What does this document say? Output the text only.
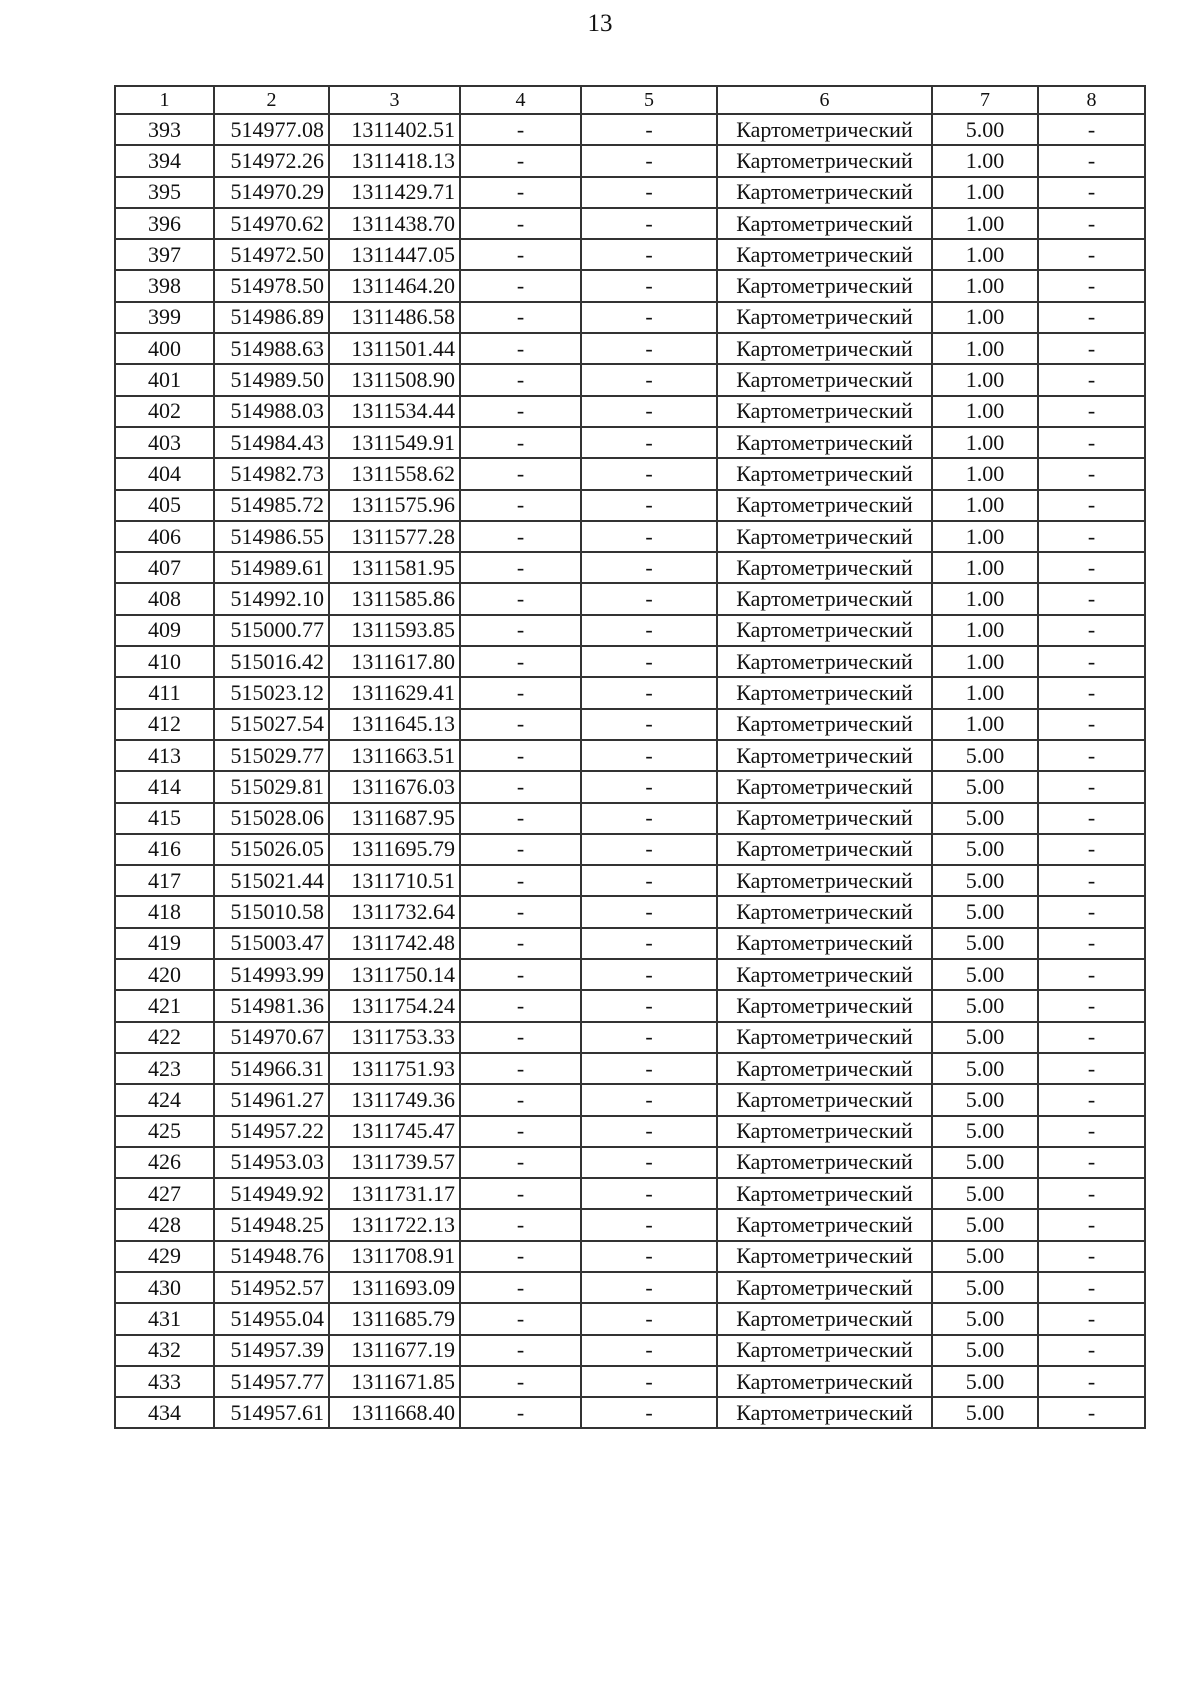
13
1	2	3	4	5	6	7	8
393	514977.08	1311402.51	-	-	Картометрический	5.00	-
394	514972.26	1311418.13	-	-	Картометрический	1.00	-
395	514970.29	1311429.71	-	-	Картометрический	1.00	-
396	514970.62	1311438.70	-	-	Картометрический	1.00	-
397	514972.50	1311447.05	-	-	Картометрический	1.00	-
398	514978.50	1311464.20	-	-	Картометрический	1.00	-
399	514986.89	1311486.58	-	-	Картометрический	1.00	-
400	514988.63	1311501.44	-	-	Картометрический	1.00	-
401	514989.50	1311508.90	-	-	Картометрический	1.00	-
402	514988.03	1311534.44	-	-	Картометрический	1.00	-
403	514984.43	1311549.91	-	-	Картометрический	1.00	-
404	514982.73	1311558.62	-	-	Картометрический	1.00	-
405	514985.72	1311575.96	-	-	Картометрический	1.00	-
406	514986.55	1311577.28	-	-	Картометрический	1.00	-
407	514989.61	1311581.95	-	-	Картометрический	1.00	-
408	514992.10	1311585.86	-	-	Картометрический	1.00	-
409	515000.77	1311593.85	-	-	Картометрический	1.00	-
410	515016.42	1311617.80	-	-	Картометрический	1.00	-
411	515023.12	1311629.41	-	-	Картометрический	1.00	-
412	515027.54	1311645.13	-	-	Картометрический	1.00	-
413	515029.77	1311663.51	-	-	Картометрический	5.00	-
414	515029.81	1311676.03	-	-	Картометрический	5.00	-
415	515028.06	1311687.95	-	-	Картометрический	5.00	-
416	515026.05	1311695.79	-	-	Картометрический	5.00	-
417	515021.44	1311710.51	-	-	Картометрический	5.00	-
418	515010.58	1311732.64	-	-	Картометрический	5.00	-
419	515003.47	1311742.48	-	-	Картометрический	5.00	-
420	514993.99	1311750.14	-	-	Картометрический	5.00	-
421	514981.36	1311754.24	-	-	Картометрический	5.00	-
422	514970.67	1311753.33	-	-	Картометрический	5.00	-
423	514966.31	1311751.93	-	-	Картометрический	5.00	-
424	514961.27	1311749.36	-	-	Картометрический	5.00	-
425	514957.22	1311745.47	-	-	Картометрический	5.00	-
426	514953.03	1311739.57	-	-	Картометрический	5.00	-
427	514949.92	1311731.17	-	-	Картометрический	5.00	-
428	514948.25	1311722.13	-	-	Картометрический	5.00	-
429	514948.76	1311708.91	-	-	Картометрический	5.00	-
430	514952.57	1311693.09	-	-	Картометрический	5.00	-
431	514955.04	1311685.79	-	-	Картометрический	5.00	-
432	514957.39	1311677.19	-	-	Картометрический	5.00	-
433	514957.77	1311671.85	-	-	Картометрический	5.00	-
434	514957.61	1311668.40	-	-	Картометрический	5.00	-
